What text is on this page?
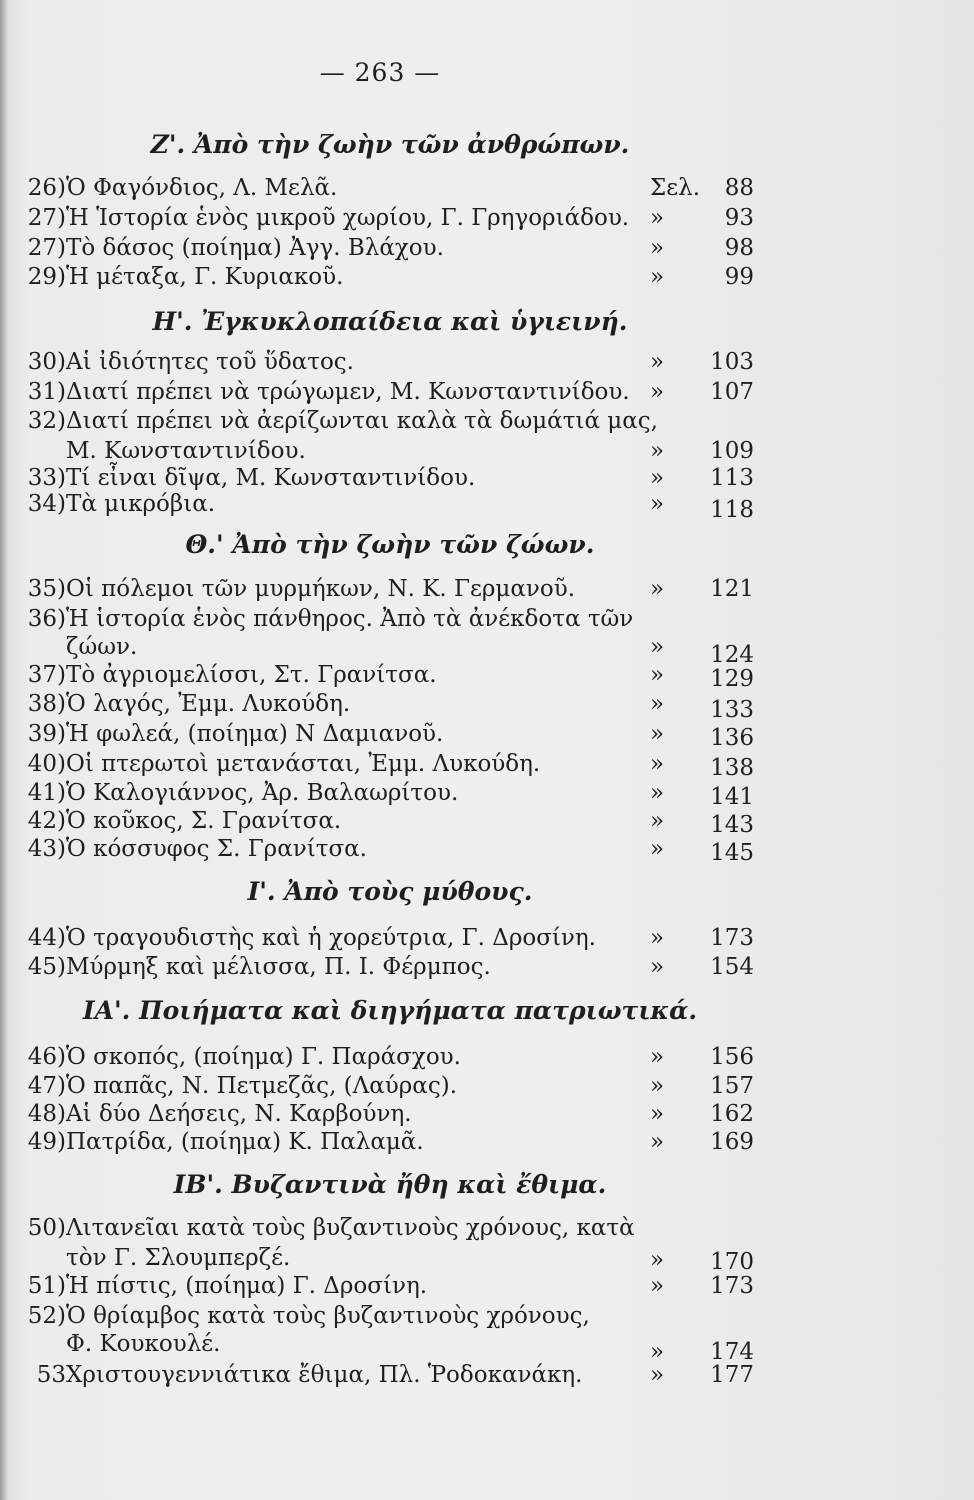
— 263 —
Ζ'. Ἀπὸ τὴν ζωὴν τῶν ἀνθρώπων.
26) Ὁ Φαγόνδιος, Λ. Μελᾶ.	Σελ.	88
27) Ἡ Ἱστορία ἑνὸς μικροῦ χωρίου, Γ. Γρηγοριάδου. »	93
27) Τὸ δάσος (ποίημα) Ἀγγ. Βλάχου.	»	98
29) Ἡ μέταξα, Γ. Κυριακοῦ.	»	99
Η'. Ἐγκυκλοπαίδεια καὶ ὑγιεινή.
30) Αἱ ἰδιότητες τοῦ ὕδατος.	»	103
31) Διατί πρέπει νὰ τρώγωμεν, Μ. Κωνσταντινίδου. »	107
32) Διατί πρέπει νὰ ἀερίζωνται καλὰ τὰ δωμάτιά μας,
Μ. Κωνσταντινίδου.	»	109
33) Τί εἶναι δῖψα, Μ. Κωνσταντινίδου.	»	113
34) Τὰ μικρόβια.	»	118
Θ.' Ἀπὸ τὴν ζωὴν τῶν ζώων.
35) Οἱ πόλεμοι τῶν μυρμήκων, Ν. Κ. Γερμανοῦ.	»	121
36) Ἡ ἱστορία ἑνὸς πάνθηρος. Ἀπὸ τὰ ἀνέκδοτα τῶν
ζώων.	»	124
37) Τὸ ἀγριομελίσσι, Στ. Γρανίτσα.	»	129
38) Ὁ λαγός, Ἐμμ. Λυκούδη.	»	133
39) Ἡ φωλεά, (ποίημα) Ν Δαμιανοῦ.	»	136
40) Οἱ πτερωτοὶ μετανάσται, Ἐμμ. Λυκούδη.	»	138
41) Ὁ Καλογιάννος, Ἀρ. Βαλαωρίτου.	»	141
42) Ὁ κοῦκος, Σ. Γρανίτσα.	»	143
43) Ὁ κόσσυφος Σ. Γρανίτσα.	»	145
Ι'. Ἀπὸ τοὺς μύθους.
44) Ὁ τραγουδιστὴς καὶ ἡ χορεύτρια, Γ. Δροσίνη.	»	173
45) Μύρμηξ καὶ μέλισσα, Π. Ι. Φέρμπος.	»	154
ΙΑ'. Ποιήματα καὶ διηγήματα πατριωτικά.
46) Ὁ σκοπός, (ποίημα) Γ. Παράσχου.	»	156
47) Ὁ παπᾶς, Ν. Πετμεζᾶς, (Λαύρας).	»	157
48) Αἱ δύο Δεήσεις, Ν. Καρβούνη.	»	162
49) Πατρίδα, (ποίημα) Κ. Παλαμᾶ.	»	169
ΙΒ'. Βυζαντινὰ ἤθη καὶ ἔθιμα.
50) Λιτανεῖαι κατὰ τοὺς βυζαντινοὺς χρόνους, κατὰ
τὸν Γ. Σλουμπερζέ.	»	170
51) Ἡ πίστις, (ποίημα) Γ. Δροσίνη.	»	173
52) Ὁ θρίαμβος κατὰ τοὺς βυζαντινοὺς χρόνους,
Φ. Κουκουλέ.	»	174
53 Χριστουγεννιάτικα ἔθιμα, Πλ. Ῥοδοκανάκη.	»	177
